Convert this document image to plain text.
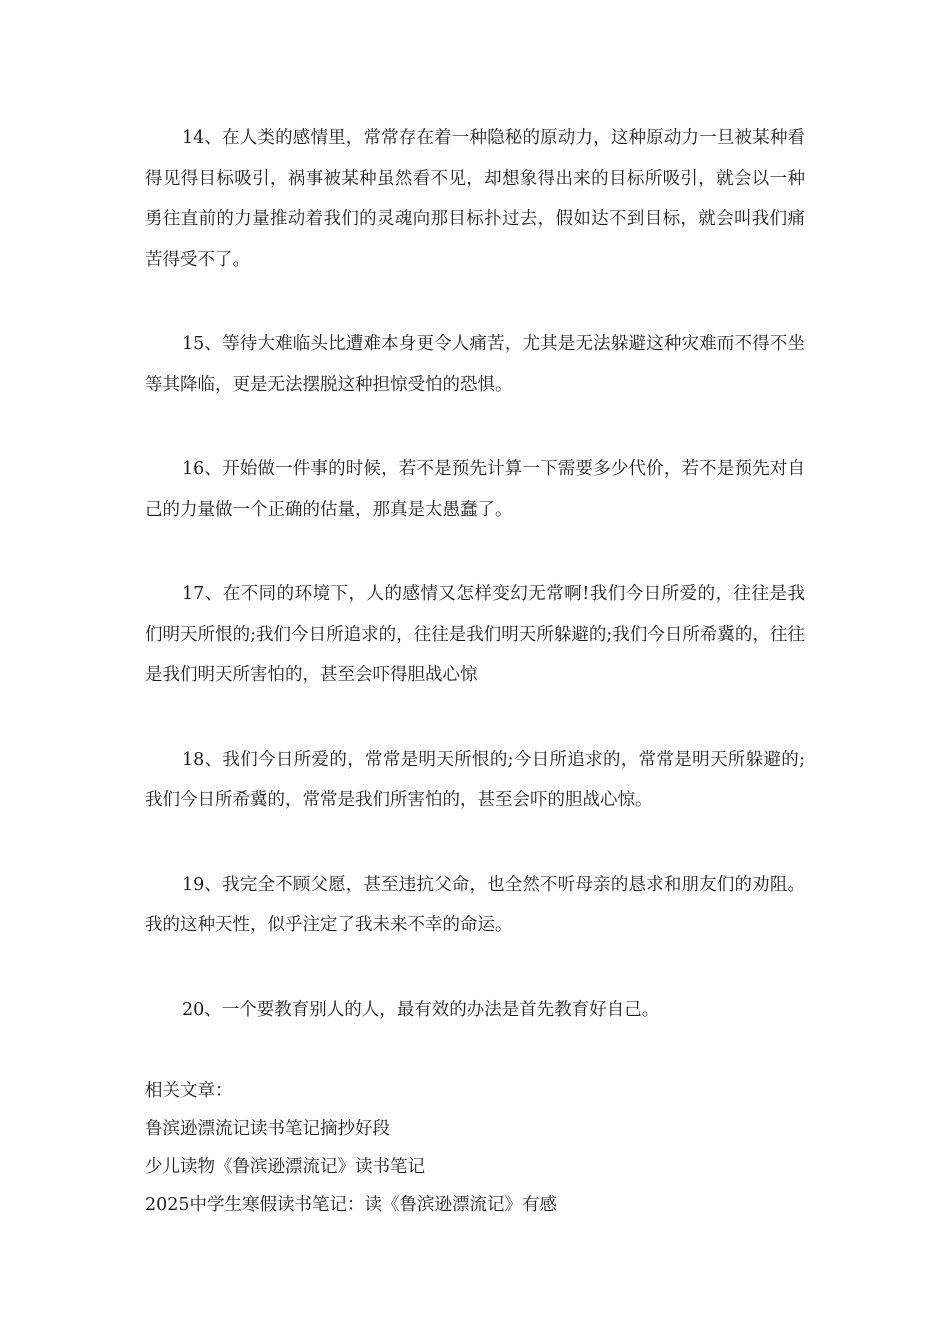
14、在人类的感情里，常常存在着一种隐秘的原动力，这种原动力一旦被某种看得见得目标吸引，祸事被某种虽然看不见，却想象得出来的目标所吸引，就会以一种勇往直前的力量推动着我们的灵魂向那目标扑过去，假如达不到目标，就会叫我们痛苦得受不了。

15、等待大难临头比遭难本身更令人痛苦，尤其是无法躲避这种灾难而不得不坐等其降临，更是无法摆脱这种担惊受怕的恐惧。

16、开始做一件事的时候，若不是预先计算一下需要多少代价，若不是预先对自己的力量做一个正确的估量，那真是太愚蠢了。

17、在不同的环境下，人的感情又怎样变幻无常啊!我们今日所爱的，往往是我们明天所恨的;我们今日所追求的，往往是我们明天所躲避的;我们今日所希冀的，往往是我们明天所害怕的，甚至会吓得胆战心惊

18、我们今日所爱的，常常是明天所恨的;今日所追求的，常常是明天所躲避的;我们今日所希冀的，常常是我们所害怕的，甚至会吓的胆战心惊。

19、我完全不顾父愿，甚至违抗父命，也全然不听母亲的恳求和朋友们的劝阻。我的这种天性，似乎注定了我未来不幸的命运。

20、一个要教育别人的人，最有效的办法是首先教育好自己。

相关文章：
鲁滨逊漂流记读书笔记摘抄好段
少儿读物《鲁滨逊漂流记》读书笔记
2025中学生寒假读书笔记：读《鲁滨逊漂流记》有感
